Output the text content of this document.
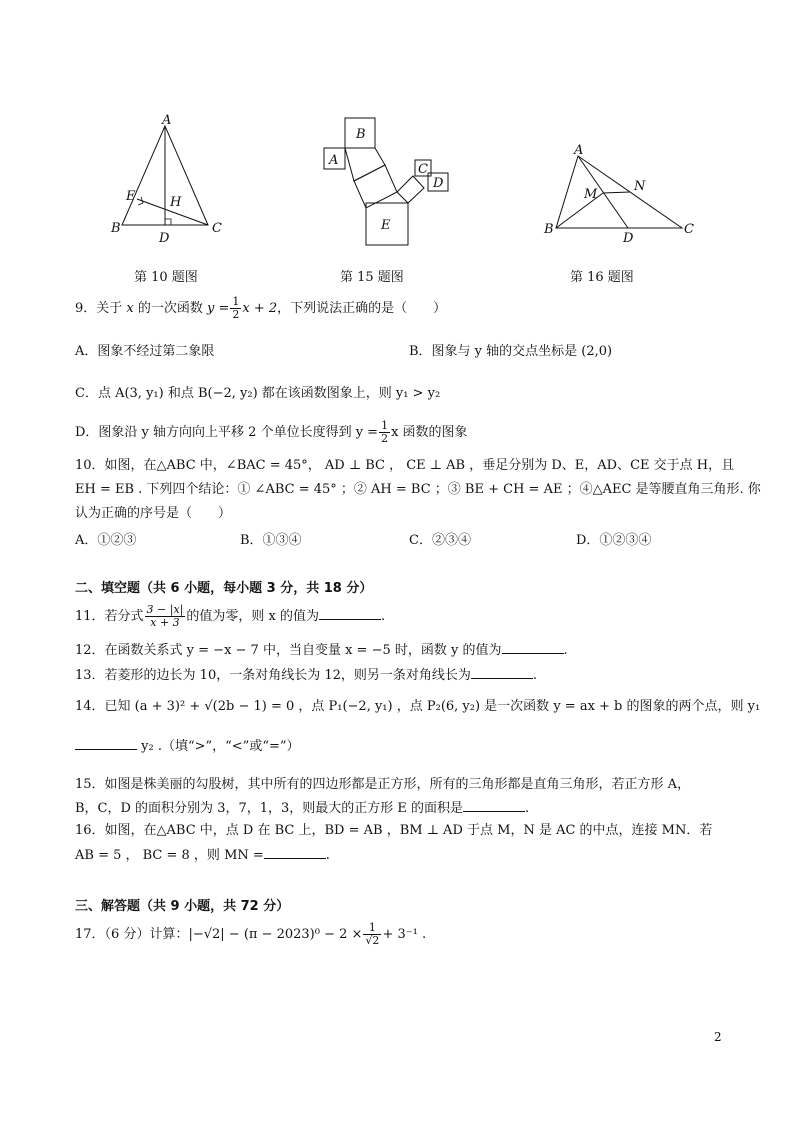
A
B	C
D
E	H
第 10 题图
B
A
C
D
E
第 15 题图
A
B	C
D
M
N
第 16 题图
9．关于 x 的一次函数 $y = \frac{1}{2}$ x + 2，下列说法正确的是（　　）
A．图象不经过第二象限	B．图象与 y 轴的交点坐标是 (2,0)
C．点 A(3, y₁) 和点 B(−2, y₂) 都在该函数图象上，则 y₁ > y₂
D．图象沿 y 轴方向向上平移 2 个单位长度得到 $y = \frac{1}{2}$ x 函数的图象
10．如图，在△ABC 中，∠BAC = 45°， AD ⊥ BC ， CE ⊥ AB ，垂足分别为 D、E，AD、CE 交于点 H，且
EH = EB . 下列四个结论：① ∠ABC = 45° ；② AH = BC ；③ BE + CH = AE ；④△AEC 是等腰直角三角形. 你
认为正确的序号是（　　）
A．①②③	B．①③④	C．②③④	D．①②③④
二、填空题（共 6 小题，每小题 3 分，共 18 分）
11．若分式 $\frac{3 - |x|}{x + 3}$ 的值为零，则 x 的值为	.
12．在函数关系式 y = −x − 7 中，当自变量 x = −5 时，函数 y 的值为	.
13．若菱形的边长为 10，一条对角线长为 12，则另一条对角线长为	.
14．已知 (a + 3)² + √(2b − 1) = 0 ，点 P₁(−2, y₁) ，点 P₂(6, y₂) 是一次函数 y = ax + b 的图象的两个点，则 y₁
y₂ .（填“>”，“<”或“=”）
15．如图是株美丽的勾股树，其中所有的四边形都是正方形，所有的三角形都是直角三角形，若正方形 A，
B，C，D 的面积分别为 3，7，1，3，则最大的正方形 E 的面积是	.
16．如图，在△ABC 中，点 D 在 BC 上，BD = AB ，BM ⊥ AD 于点 M，N 是 AC 的中点，连接 MN．若
AB = 5 ， BC = 8 ，则 MN =	.
三、解答题（共 9 小题，共 72 分）
17．（6 分）计算：$|-√2| - (\pi - 2023)^0 - 2 \times \frac{1}{√2} + 3^{-1}$ .
2
